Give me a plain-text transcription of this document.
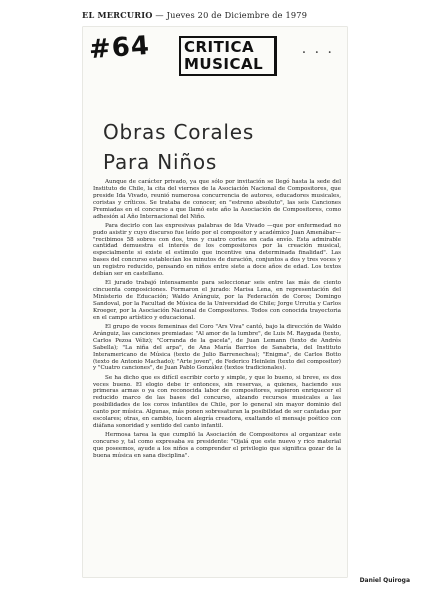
EL MERCURIO — Jueves 20 de Diciembre de 1979
#64 CRITICA
MUSICAL
· · ·
Obras Corales
Para Niños

Aunque de carácter privado, ya que sólo por invitación se llegó hasta la sede del Instituto de Chile, la cita del viernes de la Asociación Nacional de Compositores, que preside Ida Vivado, reunió numerosa concurrencia de autores, educadores musicales, coristas y críticos. Se trataba de conocer, en "estreno absoluto", las seis Canciones Premiadas en el concurso a que llamó este año la Asociación de Compositores, como adhesión al Año Internacional del Niño.

Para decirlo con las expresivas palabras de Ida Vivado —que por enfermedad no pudo asistir y cuyo discurso fue leído por el compositor y académico Juan Amenábar— "recibimos 58 sobres con dos, tres y cuatro cortes en cada envío. Esta admirable cantidad demuestra el interés de los compositores por la creación musical, especialmente si existe el estímulo que incentive una determinada finalidad". Las bases del concurso establecían los minutos de duración, conjuntos a dos y tres voces y un registro reducido, pensando en niños entre siete a doce años de edad. Los textos debían ser en castellano.

El jurado trabajó intensamente para seleccionar seis entre las más de ciento cincuenta composiciones. Formaron el jurado: Marisa Lena, en representación del Ministerio de Educación; Waldo Aránguiz, por la Federación de Coros; Domingo Sandoval, por la Facultad de Música de la Universidad de Chile; Jorge Urrutia y Carlos Kroeger, por la Asociación Nacional de Compositores. Todos con conocida trayectoria en el campo artístico y educacional.

El grupo de voces femeninas del Coro "Ars Viva" cantó, bajo la dirección de Waldo Aránguiz, las canciones premiadas: "Al amor de la lumbre", de Luis M. Raygada (texto, Carlos Pezoa Véliz); "Corranda de la gacela", de Juan Lemann (texto de Andrés Sabella); "La niña del arpa", de Ana María Barrios de Sanabria, del Instituto Interamericano de Música (texto de Julio Barrenechea); "Enigma", de Carlos Botto (texto de Antonio Machado); "Arte joven", de Federico Heinlein (texto del compositor) y "Cuatro canciones", de Juan Pablo González (textos tradicionales).

Se ha dicho que es difícil escribir corto y simple, y que lo bueno, si breve, es dos veces bueno. El elogio debe ir entonces, sin reservas, a quienes, haciendo sus primeras armas o ya con reconocida labor de compositores, supieron enriquecer el reducido marco de las bases del concurso, alzando recursos musicales a las posibilidades de los coros infantiles de Chile, por lo general sin mayor dominio del canto por música. Algunas, más ponen sobresaturan la posibilidad de ser cantadas por escolares; otras, en cambio, lucen alegría creadora, exaltando el mensaje poético con diáfana sonoridad y sentido del canto infantil.

Hermosa tarea la que cumplió la Asociación de Compositores al organizar este concurso y, tal como expresaba su presidente: "Ojalá que este nuevo y rico material que poseemos, ayude a los niños a comprender el privilegio que significa gozar de la buena música en sana disciplina".

Daniel Quiroga
